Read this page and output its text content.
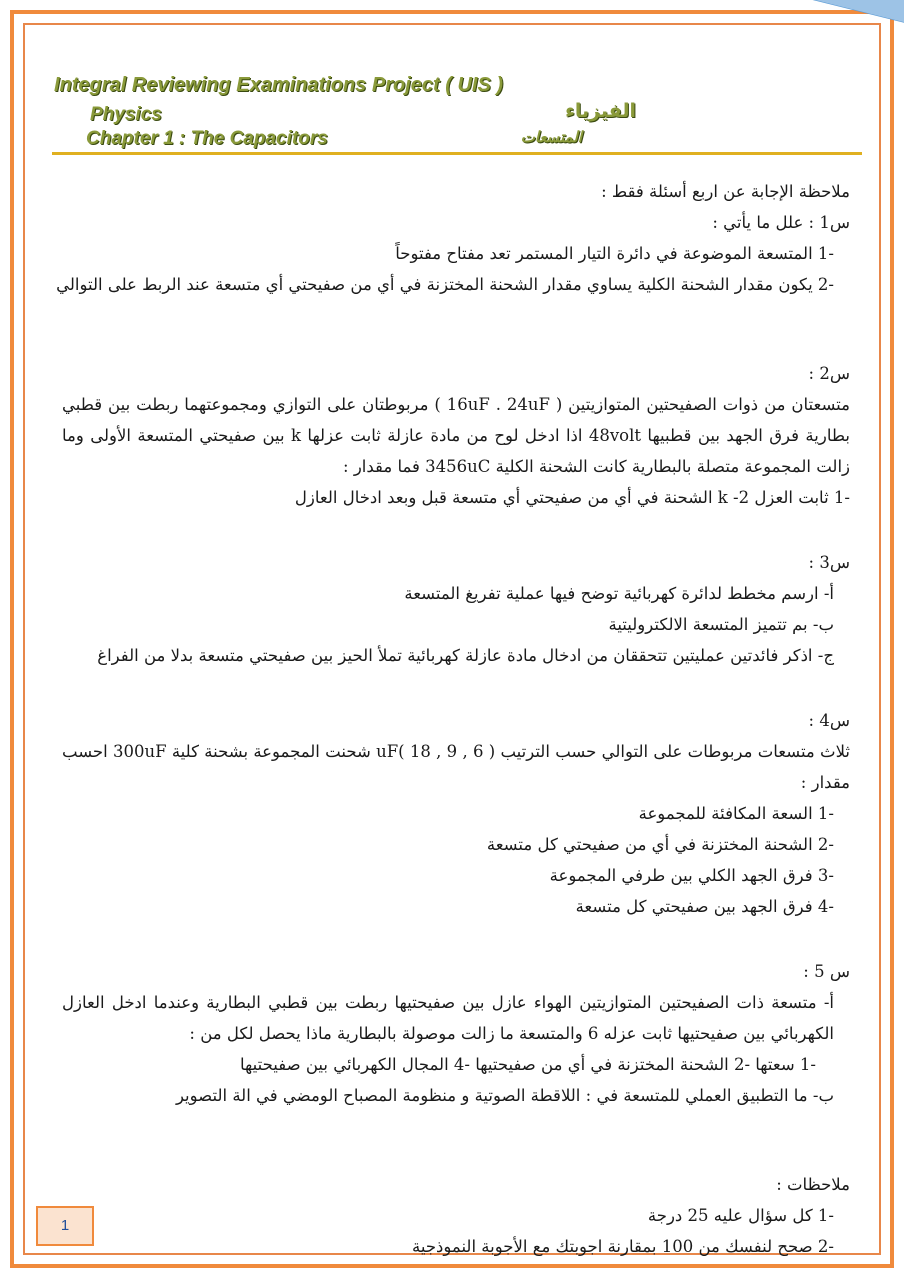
Integral Reviewing Examinations Project ( UIS )
Physics
Chapter 1 : The Capacitors
الفيزياء
المتسعات
ملاحظة الإجابة عن اربع أسئلة فقط :
س1 : علل ما يأتي :
-1 المتسعة الموضوعة في دائرة التيار المستمر تعد مفتاح مفتوحاً
-2 يكون مقدار الشحنة الكلية يساوي مقدار الشحنة المختزنة في أي من صفيحتي أي متسعة عند الربط على التوالي
س2 :
متسعتان من ذوات الصفيحتين المتوازيتين ( 16uF . 24uF ) مربوطتان على التوازي ومجموعتهما ربطت بين قطبي بطارية فرق الجهد بين قطبيها 48volt اذا ادخل لوح من مادة عازلة ثابت عزلها k بين صفيحتي المتسعة الأولى وما زالت المجموعة متصلة بالبطارية كانت الشحنة الكلية 3456uC فما مقدار :
-1 ثابت العزل k -2 الشحنة في أي من صفيحتي أي متسعة قبل وبعد ادخال العازل
س3 :
أ- ارسم مخطط لدائرة كهربائية توضح فيها عملية تفريغ المتسعة
ب- بم تتميز المتسعة الالكتروليتية
ج- اذكر فائدتين عمليتين تتحققان من ادخال مادة عازلة كهربائية تملأ الحيز بين صفيحتي متسعة بدلا من الفراغ
س4 :
ثلاث متسعات مربوطات على التوالي حسب الترتيب uF( 18 , 9 , 6 ) شحنت المجموعة بشحنة كلية 300uF احسب مقدار :
-1 السعة المكافئة للمجموعة
-2 الشحنة المختزنة في أي من صفيحتي كل متسعة
-3 فرق الجهد الكلي بين طرفي المجموعة
-4 فرق الجهد بين صفيحتي كل متسعة
س 5 :
أ- متسعة ذات الصفيحتين المتوازيتين الهواء عازل بين صفيحتيها ربطت بين قطبي البطارية وعندما ادخل العازل الكهربائي بين صفيحتيها ثابت عزله 6 والمتسعة ما زالت موصولة بالبطارية ماذا يحصل لكل من :
-1 سعتها -2 الشحنة المختزنة في أي من صفيحتيها -4 المجال الكهربائي بين صفيحتيها
ب- ما التطبيق العملي للمتسعة في : اللاقطة الصوتية و منظومة المصباح الومضي في الة التصوير
ملاحظات :
-1 كل سؤال عليه 25 درجة
-2 صحح لنفسك من 100 بمقارنة اجوبتك مع الأجوبة النموذجية
1
